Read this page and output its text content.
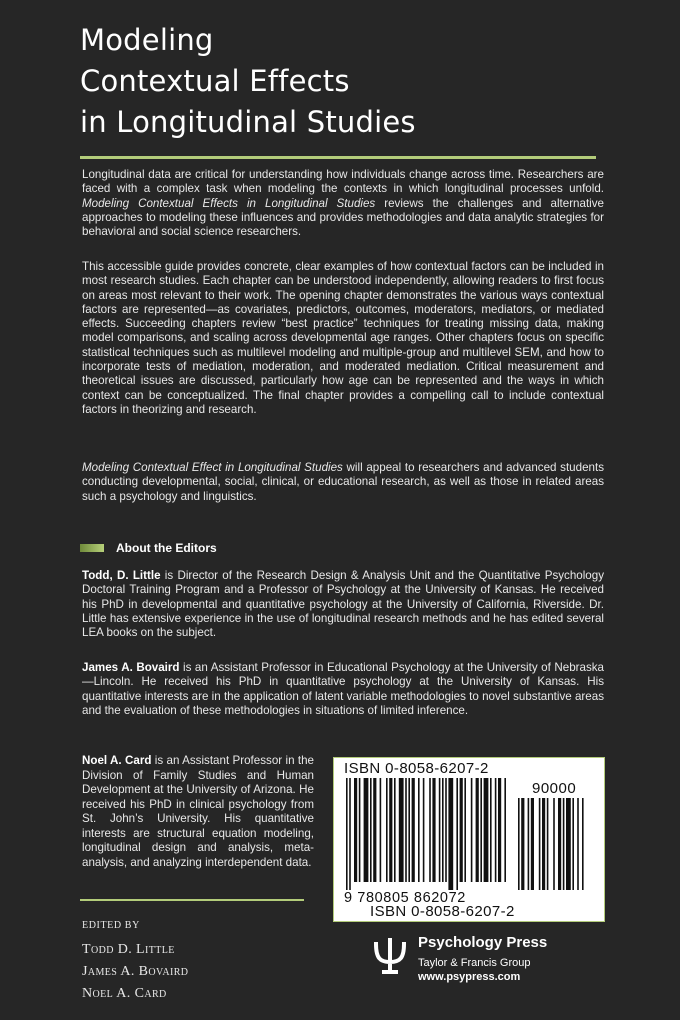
Modeling
Contextual Effects
in Longitudinal Studies

Longitudinal data are critical for understanding how individuals change across time. Researchers are faced with a complex task when modeling the contexts in which longitudinal processes unfold. Modeling Contextual Effects in Longitudinal Studies reviews the challenges and alternative approaches to modeling these influences and provides methodologies and data analytic strategies for behavioral and social science researchers.

This accessible guide provides concrete, clear examples of how contextual factors can be included in most research studies. Each chapter can be understood independently, allowing readers to first focus on areas most relevant to their work. The opening chapter demonstrates the various ways contextual factors are represented—as covariates, predictors, outcomes, moderators, mediators, or mediated effects. Succeeding chapters review “best practice” techniques for treating missing data, making model comparisons, and scaling across developmental age ranges. Other chapters focus on specific statistical techniques such as multilevel modeling and multiple-group and multilevel SEM, and how to incorporate tests of mediation, moderation, and moderated mediation. Critical measurement and theoretical issues are discussed, particularly how age can be represented and the ways in which context can be conceptualized. The final chapter provides a compelling call to include contextual factors in theorizing and research.

Modeling Contextual Effect in Longitudinal Studies will appeal to researchers and advanced students conducting developmental, social, clinical, or educational research, as well as those in related areas such a psychology and linguistics.

About the Editors

Todd, D. Little is Director of the Research Design & Analysis Unit and the Quantitative Psychology Doctoral Training Program and a Professor of Psychology at the University of Kansas. He received his PhD in developmental and quantitative psychology at the University of California, Riverside. Dr. Little has extensive experience in the use of longitudinal research methods and he has edited several LEA books on the subject.

James A. Bovaird is an Assistant Professor in Educational Psychology at the University of Nebraska—Lincoln. He received his PhD in quantitative psychology at the University of Kansas. His quantitative interests are in the application of latent variable methodologies to novel substantive areas and the evaluation of these methodologies in situations of limited inference.

Noel A. Card is an Assistant Professor in the Division of Family Studies and Human Development at the University of Arizona. He received his PhD in clinical psychology from St. John’s University. His quantitative interests are structural equation modeling, longitudinal design and analysis, meta-analysis, and analyzing interdependent data.

EDITED BY
Todd D. Little
James A. Bovaird
Noel A. Card
ISBN 0-8058-6207-2
90000
9 780805 862072
ISBN 0-8058-6207-2
Psychology Press
Taylor & Francis Group
www.psypress.com
